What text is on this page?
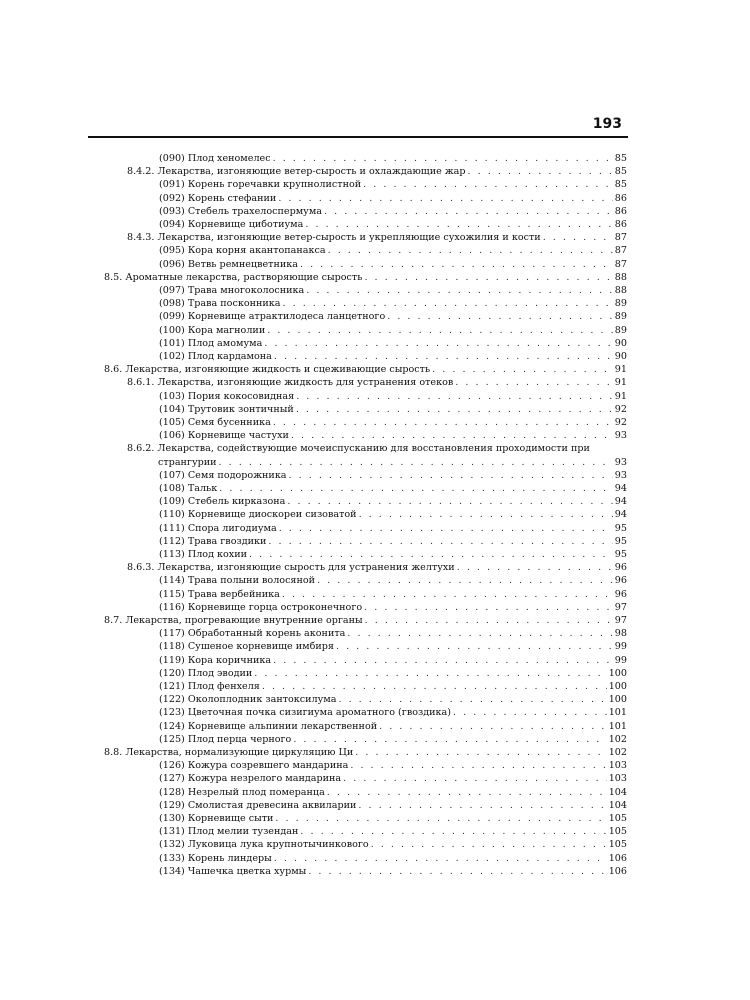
193
(090) Плод хеномелес . . .	85
8.4.2. Лекарства, изгоняющие ветер-сырость и охлаждающие жар . . .	85
(091) Корень горечавки крупнолистной . . .	85
(092) Корень стефании . . .	86
(093) Стебель трахелоспермума . . .	86
(094) Корневище цибοтиума . . .	86
8.4.3. Лекарства, изгоняющие ветер-сырость и укрепляющие сухожилия и кости . . .	87
(095) Кора корня акантопанакса . . .	87
(096) Ветвь ремнецветника . . .	87
8.5. Ароматные лекарства, растворяющие сырость . . .	88
(097) Трава многоколосника . . .	88
(098) Трава посконника . . .	89
(099) Корневище атрактилодеса ланцетного . . .	89
(100) Кора магнолии . . .	89
(101) Плод амомума . . .	90
(102) Плод кардамона . . .	90
8.6. Лекарства, изгоняющие жидкость и сцеживающие сырость . . .	91
8.6.1. Лекарства, изгоняющие жидкость для устранения отеков . . .	91
(103) Пория кокосовидная . . .	91
(104) Трутовик зонтичный . . .	92
(105) Семя бусенника . . .	92
(106) Корневище частухи . . .	93
8.6.2. Лекарства, содействующие мочеиспусканию для восстановления проходимости при
странгурии . . .	93
(107) Семя подорожника . . .	93
(108) Тальк . . .	94
(109) Стебель кирказона . . .	94
(110) Корневище диоскореи сизоватой . . .	94
(111) Спора лигодиума . . .	95
(112) Трава гвоздики . . .	95
(113) Плод кохии . . .	95
8.6.3. Лекарства, изгоняющие сырость для устранения желтухи . . .	96
(114) Трава полыни волосяной . . .	96
(115) Трава вербейника . . .	96
(116) Корневище горца остроконечного . . .	97
8.7. Лекарства, прогревающие внутренние органы . . .	97
(117) Обработанный корень аконита . . .	98
(118) Сушеное корневище имбиря . . .	99
(119) Кора коричника . . .	99
(120) Плод эводии . . .	100
(121) Плод фенхеля . . .	100
(122) Околоплодник зантоксилума . . .	100
(123) Цветочная почка сизигиума ароматного (гвоздика) . . .	101
(124) Корневище альпинии лекарственной . . .	101
(125) Плод перца черного . . .	102
8.8. Лекарства, нормализующие циркуляцию Ци . . .	102
(126) Кожура созревшего мандарина . . .	103
(127) Кожура незрелого мандарина . . .	103
(128) Незрелый плод померанца . . .	104
(129) Смолистая древесина аквиларии . . .	104
(130) Корневище сыти . . .	105
(131) Плод мелии тузендан . . .	105
(132) Луковица лука крупнотычинкового . . .	105
(133) Корень линдеры . . .	106
(134) Чашечка цветка хурмы . . .	106
